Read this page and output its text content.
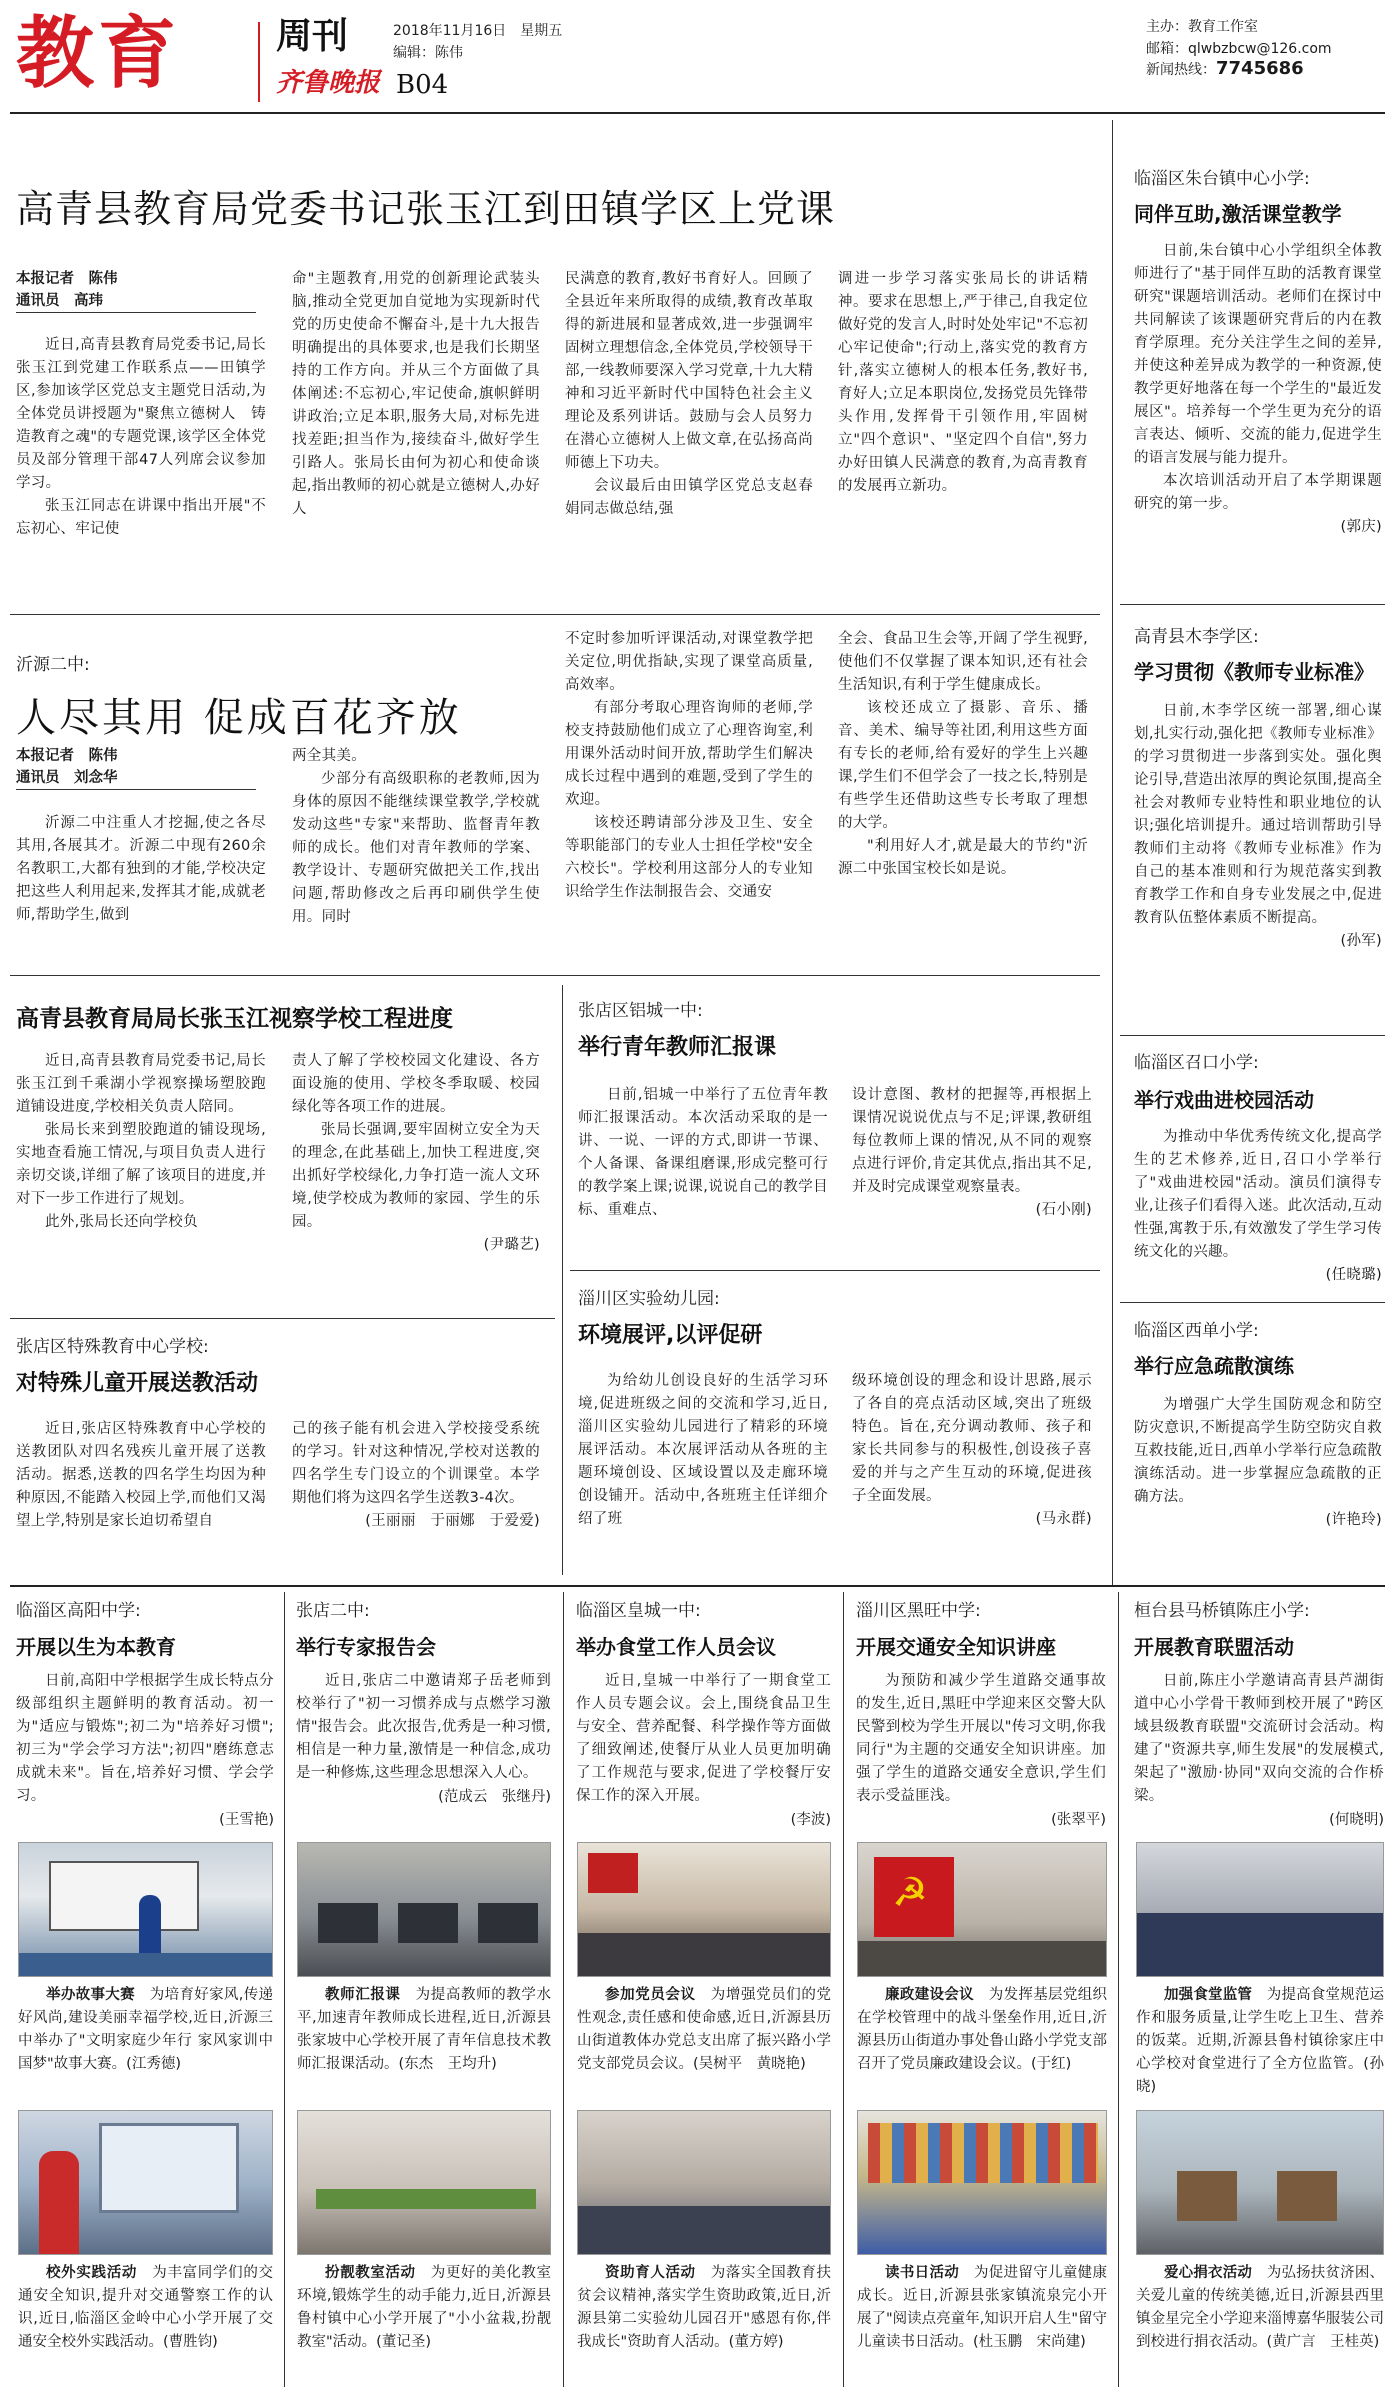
教育	周刊
齐鲁晚报 B04
2018年11月16日　星期五
编辑：陈伟
主办：教育工作室
邮箱：qlwbzbcw@126.com
新闻热线：7745686
高青县教育局党委书记张玉江到田镇学区上党课
本报记者　陈伟
通讯员　高玮

近日,高青县教育局党委书记,局长张玉江到党建工作联系点——田镇学区,参加该学区党总支主题党日活动,为全体党员讲授题为"聚焦立德树人　铸造教育之魂"的专题党课,该学区全体党员及部分管理干部47人列席会议参加学习。

张玉江同志在讲课中指出开展"不忘初心、牢记使

命"主题教育,用党的创新理论武装头脑,推动全党更加自觉地为实现新时代党的历史使命不懈奋斗,是十九大报告明确提出的具体要求,也是我们长期坚持的工作方向。并从三个方面做了具体阐述:不忘初心,牢记使命,旗帜鲜明讲政治;立足本职,服务大局,对标先进找差距;担当作为,接续奋斗,做好学生引路人。张局长由何为初心和使命谈起,指出教师的初心就是立德树人,办好人

民满意的教育,教好书育好人。回顾了全县近年来所取得的成绩,教育改革取得的新进展和显著成效,进一步强调牢固树立理想信念,全体党员,学校领导干部,一线教师要深入学习党章,十九大精神和习近平新时代中国特色社会主义理论及系列讲话。鼓励与会人员努力在潜心立德树人上做文章,在弘扬高尚师德上下功夫。

会议最后由田镇学区党总支赵春娟同志做总结,强

调进一步学习落实张局长的讲话精神。要求在思想上,严于律己,自我定位做好党的发言人,时时处处牢记"不忘初心牢记使命";行动上,落实党的教育方针,落实立德树人的根本任务,教好书,育好人;立足本职岗位,发扬党员先锋带头作用,发挥骨干引领作用,牢固树立"四个意识"、"坚定四个自信",努力办好田镇人民满意的教育,为高青教育的发展再立新功。

沂源二中:
人尽其用 促成百花齐放
本报记者　陈伟
通讯员　刘念华

沂源二中注重人才挖掘,使之各尽其用,各展其才。沂源二中现有260余名教职工,大都有独到的才能,学校决定把这些人利用起来,发挥其才能,成就老师,帮助学生,做到

两全其美。

少部分有高级职称的老教师,因为身体的原因不能继续课堂教学,学校就发动这些"专家"来帮助、监督青年教师的成长。他们对青年教师的学案、教学设计、专题研究做把关工作,找出问题,帮助修改之后再印刷供学生使用。同时

不定时参加听评课活动,对课堂教学把关定位,明优指缺,实现了课堂高质量,高效率。

有部分考取心理咨询师的老师,学校支持鼓励他们成立了心理咨询室,利用课外活动时间开放,帮助学生们解决成长过程中遇到的难题,受到了学生的欢迎。

该校还聘请部分涉及卫生、安全等职能部门的专业人士担任学校"安全六校长"。学校利用这部分人的专业知识给学生作法制报告会、交通安

全会、食品卫生会等,开阔了学生视野,使他们不仅掌握了课本知识,还有社会生活知识,有利于学生健康成长。

该校还成立了摄影、音乐、播音、美术、编导等社团,利用这些方面有专长的老师,给有爱好的学生上兴趣课,学生们不但学会了一技之长,特别是有些学生还借助这些专长考取了理想的大学。

"利用好人才,就是最大的节约"沂源二中张国宝校长如是说。

高青县教育局局长张玉江视察学校工程进度

近日,高青县教育局党委书记,局长张玉江到千乘湖小学视察操场塑胶跑道铺设进度,学校相关负责人陪同。

张局长来到塑胶跑道的铺设现场,实地查看施工情况,与项目负责人进行亲切交谈,详细了解了该项目的进度,并对下一步工作进行了规划。

此外,张局长还向学校负

责人了解了学校校园文化建设、各方面设施的使用、学校冬季取暖、校园绿化等各项工作的进展。

张局长强调,要牢固树立安全为天的理念,在此基础上,加快工程进度,突出抓好学校绿化,力争打造一流人文环境,使学校成为教师的家园、学生的乐园。

(尹璐艺)
张店区特殊教育中心学校:
对特殊儿童开展送教活动

近日,张店区特殊教育中心学校的送教团队对四名残疾儿童开展了送教活动。据悉,送教的四名学生均因为种种原因,不能踏入校园上学,而他们又渴望上学,特别是家长迫切希望自

己的孩子能有机会进入学校接受系统的学习。针对这种情况,学校对送教的四名学生专门设立的个训课堂。本学期他们将为这四名学生送教3-4次。

(王丽丽　于丽娜　于爱爱)
张店区铝城一中:
举行青年教师汇报课

日前,铝城一中举行了五位青年教师汇报课活动。本次活动采取的是一讲、一说、一评的方式,即讲一节课、个人备课、备课组磨课,形成完整可行的教学案上课;说课,说说自己的教学目标、重难点、

设计意图、教材的把握等,再根据上课情况说说优点与不足;评课,教研组每位教师上课的情况,从不同的观察点进行评价,肯定其优点,指出其不足,并及时完成课堂观察量表。

(石小刚)
淄川区实验幼儿园:
环境展评,以评促研

为给幼儿创设良好的生活学习环境,促进班级之间的交流和学习,近日,淄川区实验幼儿园进行了精彩的环境展评活动。本次展评活动从各班的主题环境创设、区域设置以及走廊环境创设铺开。活动中,各班班主任详细介绍了班

级环境创设的理念和设计思路,展示了各自的亮点活动区域,突出了班级特色。旨在,充分调动教师、孩子和家长共同参与的积极性,创设孩子喜爱的并与之产生互动的环境,促进孩子全面发展。

(马永群)
临淄区朱台镇中心小学:
同伴互助,激活课堂教学

日前,朱台镇中心小学组织全体教师进行了"基于同伴互助的活教育课堂研究"课题培训活动。老师们在探讨中共同解读了该课题研究背后的内在教育学原理。充分关注学生之间的差异,并使这种差异成为教学的一种资源,使教学更好地落在每一个学生的"最近发展区"。培养每一个学生更为充分的语言表达、倾听、交流的能力,促进学生的语言发展与能力提升。

本次培训活动开启了本学期课题研究的第一步。

(郭庆)
高青县木李学区:
学习贯彻《教师专业标准》

日前,木李学区统一部署,细心谋划,扎实行动,强化把《教师专业标准》的学习贯彻进一步落到实处。强化舆论引导,营造出浓厚的舆论氛围,提高全社会对教师专业特性和职业地位的认识;强化培训提升。通过培训帮助引导教师们主动将《教师专业标准》作为自己的基本准则和行为规范落实到教育教学工作和自身专业发展之中,促进教育队伍整体素质不断提高。

(孙军)
临淄区召口小学:
举行戏曲进校园活动

为推动中华优秀传统文化,提高学生的艺术修养,近日,召口小学举行了"戏曲进校园"活动。演员们演得专业,让孩子们看得入迷。此次活动,互动性强,寓教于乐,有效激发了学生学习传统文化的兴趣。

(任晓璐)
临淄区西单小学:
举行应急疏散演练

为增强广大学生国防观念和防空防灾意识,不断提高学生防空防灾自救互救技能,近日,西单小学举行应急疏散演练活动。进一步掌握应急疏散的正确方法。

(许艳玲)
临淄区高阳中学:
开展以生为本教育

日前,高阳中学根据学生成长特点分级部组织主题鲜明的教育活动。初一为"适应与锻炼";初二为"培养好习惯";初三为"学会学习方法";初四"磨练意志成就未来"。旨在,培养好习惯、学会学习。

(王雪艳)
张店二中:
举行专家报告会

近日,张店二中邀请郑子岳老师到校举行了"初一习惯养成与点燃学习激情"报告会。此次报告,优秀是一种习惯,相信是一种力量,激情是一种信念,成功是一种修炼,这些理念思想深入人心。

(范成云　张继丹)
临淄区皇城一中:
举办食堂工作人员会议

近日,皇城一中举行了一期食堂工作人员专题会议。会上,围绕食品卫生与安全、营养配餐、科学操作等方面做了细致阐述,使餐厅从业人员更加明确了工作规范与要求,促进了学校餐厅安保工作的深入开展。

(李波)
淄川区黑旺中学:
开展交通安全知识讲座

为预防和减少学生道路交通事故的发生,近日,黑旺中学迎来区交警大队民警到校为学生开展以"传习文明,你我同行"为主题的交通安全知识讲座。加强了学生的道路交通安全意识,学生们表示受益匪浅。

(张翠平)
桓台县马桥镇陈庄小学:
开展教育联盟活动

日前,陈庄小学邀请高青县芦湖街道中心小学骨干教师到校开展了"跨区域县级教育联盟"交流研讨会活动。构建了"资源共享,师生发展"的发展模式,架起了"激励·协同"双向交流的合作桥梁。

(何晓明)
☭
举办故事大赛　 为培育好家风,传递好风尚,建设美丽幸福学校,近日,沂源三中举办了"文明家庭少年行 家风家训中国梦"故事大赛。(江秀德)
教师汇报课　 为提高教师的教学水平,加速青年教师成长进程,近日,沂源县张家坡中心学校开展了青年信息技术教师汇报课活动。(东杰　王均升)
参加党员会议　 为增强党员们的党性观念,责任感和使命感,近日,沂源县历山街道教体办党总支出席了振兴路小学党支部党员会议。(吴树平　黄晓艳)
廉政建设会议　 为发挥基层党组织在学校管理中的战斗堡垒作用,近日,沂源县历山街道办事处鲁山路小学党支部召开了党员廉政建设会议。(于红)
加强食堂监管　 为提高食堂规范运作和服务质量,让学生吃上卫生、营养的饭菜。近期,沂源县鲁村镇徐家庄中心学校对食堂进行了全方位监管。(孙晓)
校外实践活动　 为丰富同学们的交通安全知识,提升对交通警察工作的认识,近日,临淄区金岭中心小学开展了交通安全校外实践活动。(曹胜钧)
扮靓教室活动　 为更好的美化教室环境,锻炼学生的动手能力,近日,沂源县鲁村镇中心小学开展了"小小盆栽,扮靓教室"活动。(董记圣)
资助育人活动　 为落实全国教育扶贫会议精神,落实学生资助政策,近日,沂源县第二实验幼儿园召开"感恩有你,伴我成长"资助育人活动。(董方婷)
读书日活动　 为促进留守儿童健康成长。近日,沂源县张家镇流泉完小开展了"阅读点亮童年,知识开启人生"留守儿童读书日活动。(杜玉鹏　宋尚建)
爱心捐衣活动　 为弘扬扶贫济困、关爱儿童的传统美德,近日,沂源县西里镇金星完全小学迎来淄博嘉华服装公司到校进行捐衣活动。(黄广言　王桂英)
